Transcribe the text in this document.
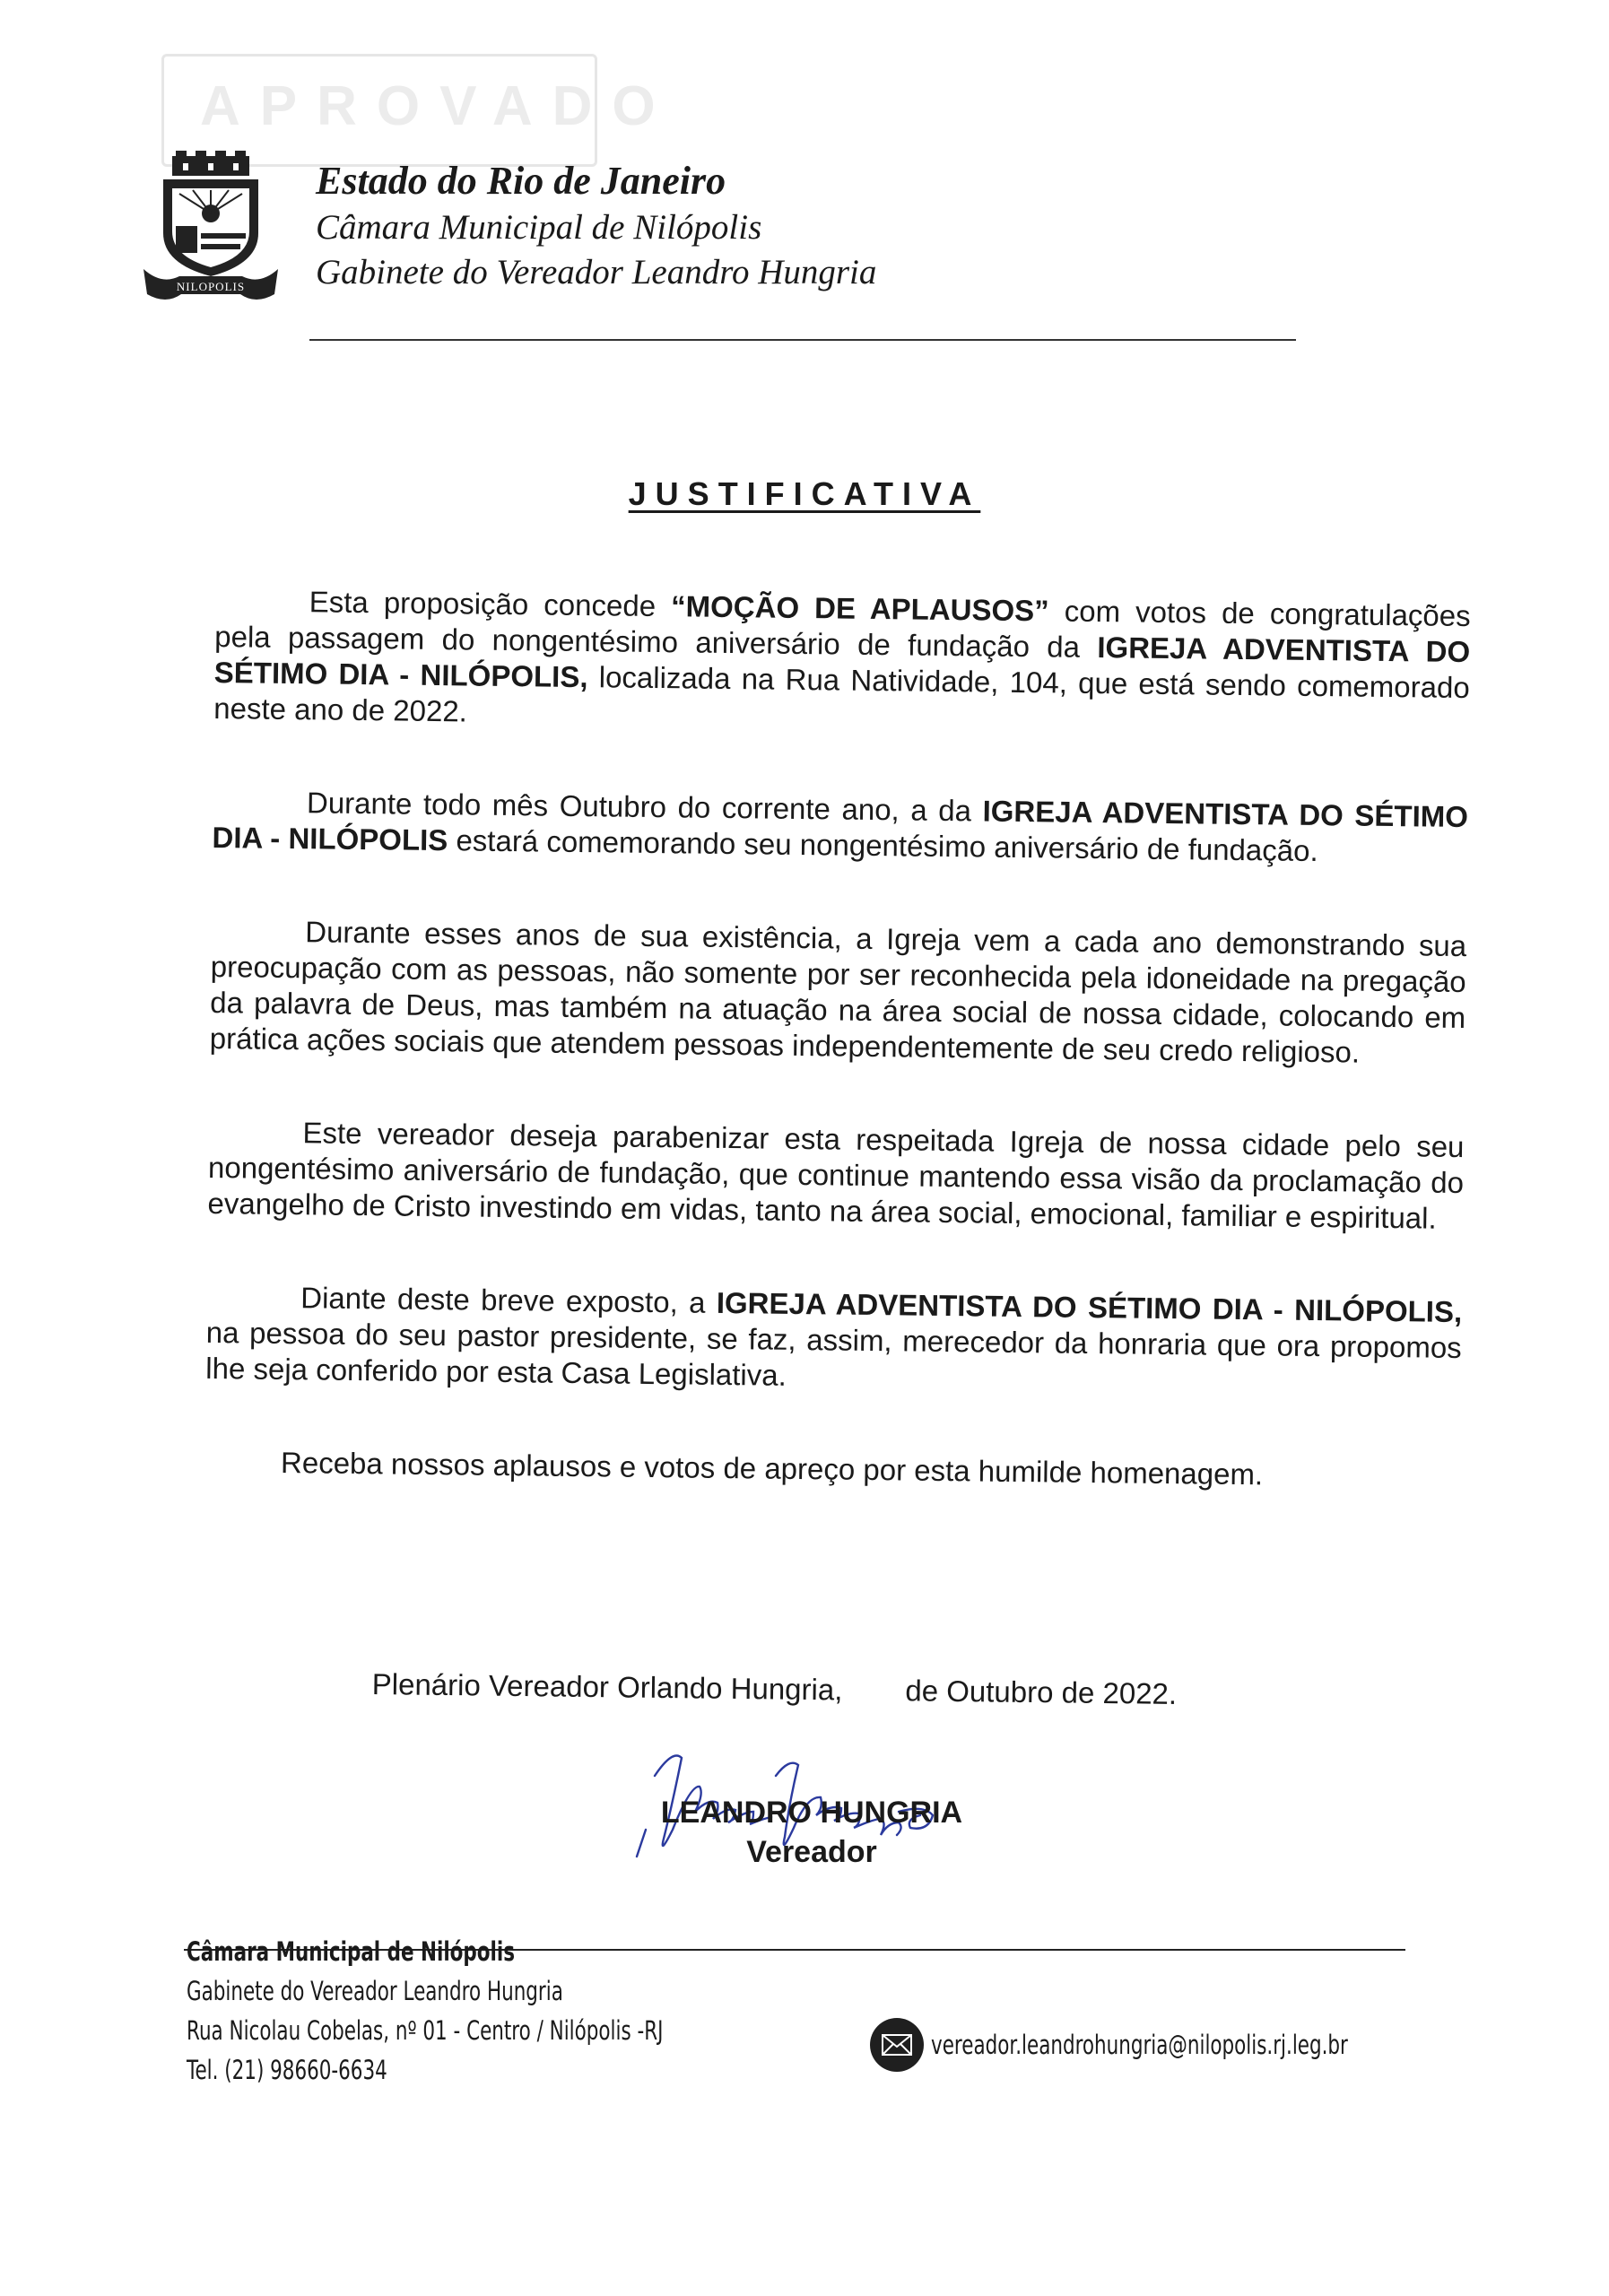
APROVADO
NILOPOLIS
Estado do Rio de Janeiro
Câmara Municipal de Nilópolis
Gabinete do Vereador Leandro Hungria
JUSTIFICATIVA

Esta proposição concede “MOÇÃO DE APLAUSOS” com votos de congratulações pela passagem do nongentésimo aniversário de fundação da IGREJA ADVENTISTA DO SÉTIMO DIA - NILÓPOLIS, localizada na Rua Natividade, 104, que está sendo comemorado neste ano de 2022.

Durante todo mês Outubro do corrente ano, a da IGREJA ADVENTISTA DO SÉTIMO DIA - NILÓPOLIS estará comemorando seu nongentésimo aniversário de fundação.

Durante esses anos de sua existência, a Igreja vem a cada ano demonstrando sua preocupação com as pessoas, não somente por ser reconhecida pela idoneidade na pregação da palavra de Deus, mas também na atuação na área social de nossa cidade, colocando em prática ações sociais que atendem pessoas independentemente de seu credo religioso.

Este vereador deseja parabenizar esta respeitada Igreja de nossa cidade pelo seu nongentésimo aniversário de fundação, que continue mantendo essa visão da proclamação do evangelho de Cristo investindo em vidas, tanto na área social, emocional, familiar e espiritual.

Diante deste breve exposto, a IGREJA ADVENTISTA DO SÉTIMO DIA - NILÓPOLIS, na pessoa do seu pastor presidente, se faz, assim, merecedor da honraria que ora propomos lhe seja conferido por esta Casa Legislativa.

Receba nossos aplausos e votos de apreço por esta humilde homenagem.

Plenário Vereador Orlando Hungria, de Outubro de 2022.
LEANDRO HUNGRIA
Vereador
Câmara Municipal de Nilópolis
Gabinete do Vereador Leandro Hungria
Rua Nicolau Cobelas, nº 01 - Centro / Nilópolis -RJ
Tel. (21) 98660-6634
vereador.leandrohungria@nilopolis.rj.leg.br
